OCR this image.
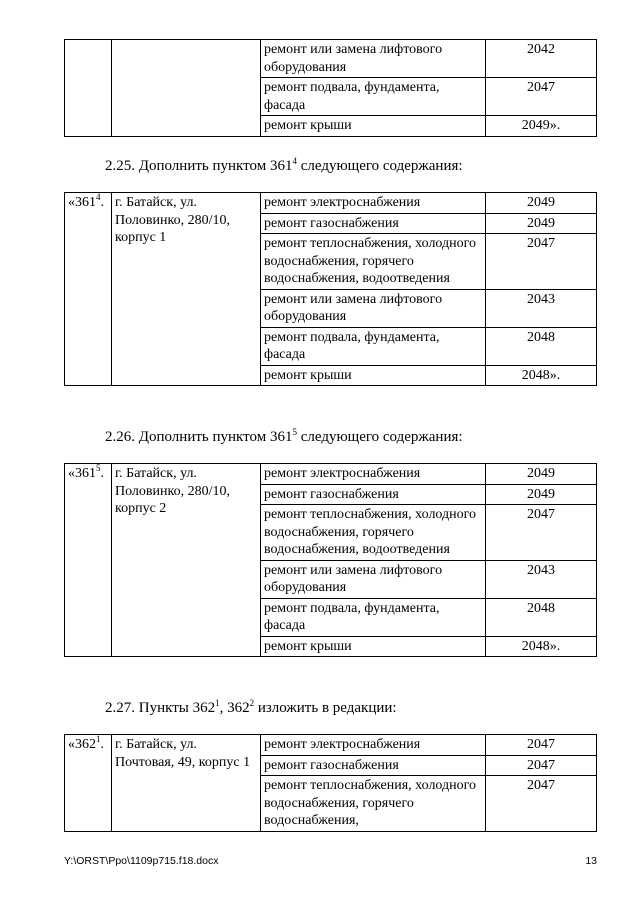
		ремонт или замена лифтового оборудования	2042
		ремонт подвала, фундамента, фасада	2047
		ремонт крыши	2049».
2.25. Дополнить пунктом $361^4$ следующего содержания:
«$361^4$.	г. Батайск, ул. Половинко, 280/10, корпус 1	ремонт электроснабжения	2049
		ремонт газоснабжения	2049
		ремонт теплоснабжения, холодного водоснабжения, горячего водоснабжения, водоотведения	2047
		ремонт или замена лифтового оборудования	2043
		ремонт подвала, фундамента, фасада	2048
		ремонт крыши	2048».
2.26. Дополнить пунктом $361^5$ следующего содержания:
«$361^5$.	г. Батайск, ул. Половинко, 280/10, корпус 2	ремонт электроснабжения	2049
		ремонт газоснабжения	2049
		ремонт теплоснабжения, холодного водоснабжения, горячего водоснабжения, водоотведения	2047
		ремонт или замена лифтового оборудования	2043
		ремонт подвала, фундамента, фасада	2048
		ремонт крыши	2048».
2.27. Пункты $362^1$, $362^2$ изложить в редакции:
«$362^1$.	г. Батайск, ул. Почтовая, 49, корпус 1	ремонт электроснабжения	2047
		ремонт газоснабжения	2047
		ремонт теплоснабжения, холодного водоснабжения, горячего водоснабжения,	2047
Y:\ORST\Ppo\1109p715.f18.docx	13
